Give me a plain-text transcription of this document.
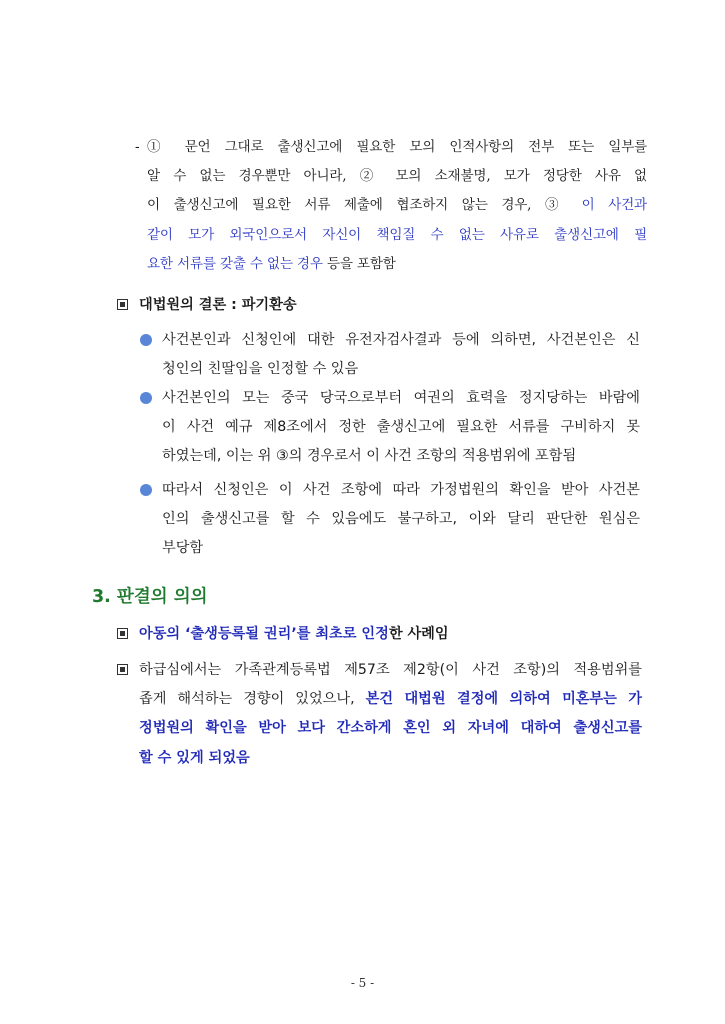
- ① 문언 그대로 출생신고에 필요한 모의 인적사항의 전부 또는 일부를
알 수 없는 경우뿐만 아니라, ② 모의 소재불명, 모가 정당한 사유 없
이 출생신고에 필요한 서류 제출에 협조하지 않는 경우, ③ 이 사건과
같이 모가 외국인으로서 자신이 책임질 수 없는 사유로 출생신고에 필
요한 서류를 갖출 수 없는 경우 등을 포함함
대법원의 결론 : 파기환송
사건본인과 신청인에 대한 유전자검사결과 등에 의하면, 사건본인은 신
청인의 친딸임을 인정할 수 있음
사건본인의 모는 중국 당국으로부터 여권의 효력을 정지당하는 바람에
이 사건 예규 제8조에서 정한 출생신고에 필요한 서류를 구비하지 못
하였는데, 이는 위 ③의 경우로서 이 사건 조항의 적용범위에 포함됨
따라서 신청인은 이 사건 조항에 따라 가정법원의 확인을 받아 사건본
인의 출생신고를 할 수 있음에도 불구하고, 이와 달리 판단한 원심은
부당함
3. 판결의 의의
아동의 ‘출생등록될 권리’를 최초로 인정한 사례임
하급심에서는 가족관계등록법 제57조 제2항(이 사건 조항)의 적용범위를
좁게 해석하는 경향이 있었으나, 본건 대법원 결정에 의하여 미혼부는 가
정법원의 확인을 받아 보다 간소하게 혼인 외 자녀에 대하여 출생신고를
할 수 있게 되었음
- 5 -
